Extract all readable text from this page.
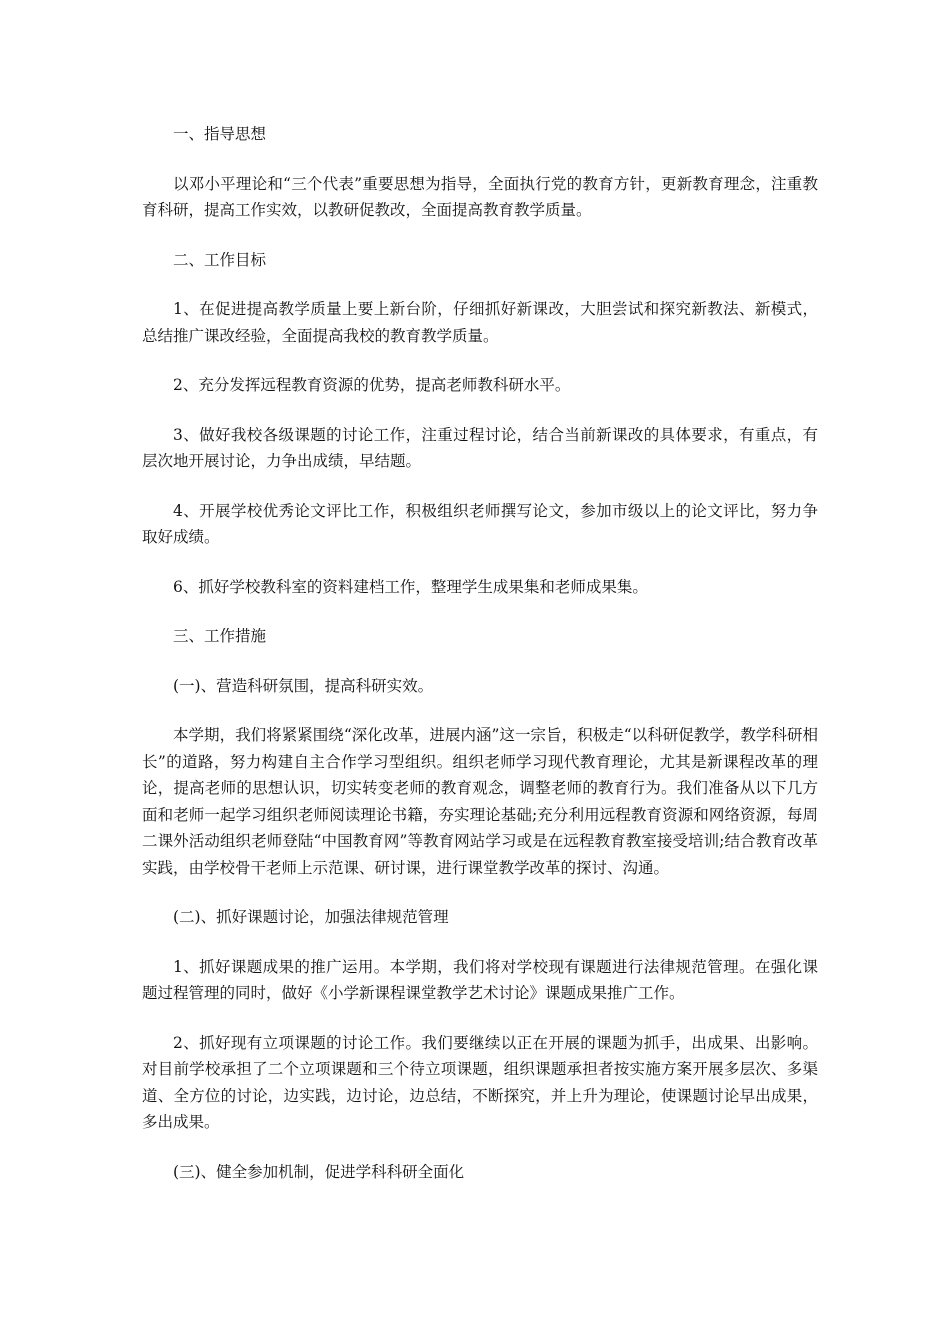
一、指导思想

以邓小平理论和“三个代表”重要思想为指导，全面执行党的教育方针，更新教育理念，注重教育科研，提高工作实效，以教研促教改，全面提高教育教学质量。

二、工作目标

1、在促进提高教学质量上要上新台阶，仔细抓好新课改，大胆尝试和探究新教法、新模式，总结推广课改经验，全面提高我校的教育教学质量。

2、充分发挥远程教育资源的优势，提高老师教科研水平。

3、做好我校各级课题的讨论工作，注重过程讨论，结合当前新课改的具体要求，有重点，有层次地开展讨论，力争出成绩，早结题。

4、开展学校优秀论文评比工作，积极组织老师撰写论文，参加市级以上的论文评比，努力争取好成绩。

6、抓好学校教科室的资料建档工作，整理学生成果集和老师成果集。

三、工作措施

(一)、营造科研氛围，提高科研实效。

本学期，我们将紧紧围绕“深化改革，进展内涵”这一宗旨，积极走“以科研促教学，教学科研相长”的道路，努力构建自主合作学习型组织。组织老师学习现代教育理论，尤其是新课程改革的理论，提高老师的思想认识，切实转变老师的教育观念，调整老师的教育行为。我们准备从以下几方面和老师一起学习组织老师阅读理论书籍，夯实理论基础;充分利用远程教育资源和网络资源，每周二课外活动组织老师登陆“中国教育网”等教育网站学习或是在远程教育教室接受培训;结合教育改革实践，由学校骨干老师上示范课、研讨课，进行课堂教学改革的探讨、沟通。

(二)、抓好课题讨论，加强法律规范管理

1、抓好课题成果的推广运用。本学期，我们将对学校现有课题进行法律规范管理。在强化课题过程管理的同时，做好《小学新课程课堂教学艺术讨论》课题成果推广工作。

2、抓好现有立项课题的讨论工作。我们要继续以正在开展的课题为抓手，出成果、出影响。对目前学校承担了二个立项课题和三个待立项课题，组织课题承担者按实施方案开展多层次、多渠道、全方位的讨论，边实践，边讨论，边总结，不断探究，并上升为理论，使课题讨论早出成果，多出成果。

(三)、健全参加机制，促进学科科研全面化
